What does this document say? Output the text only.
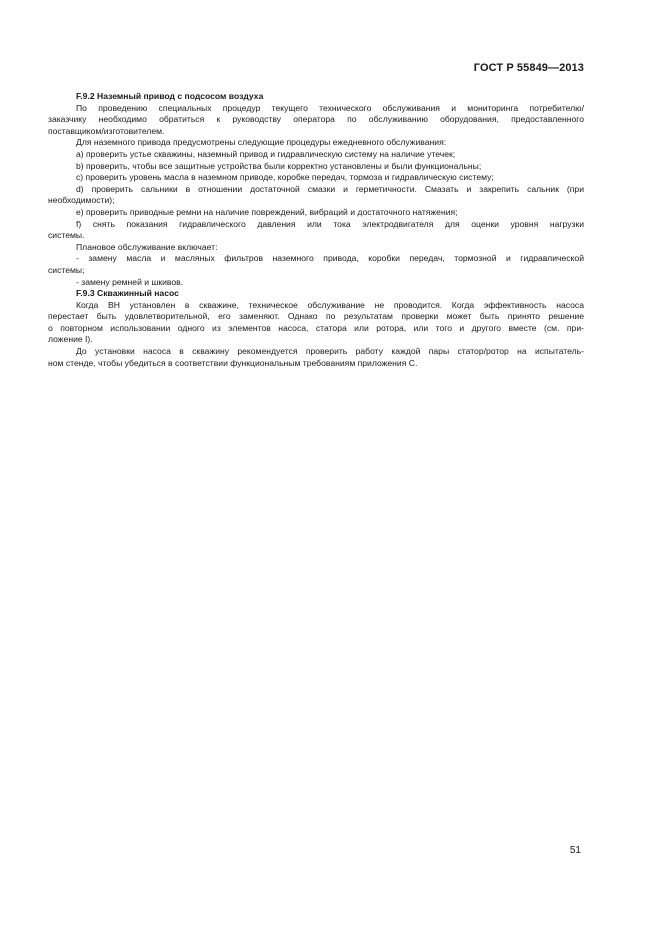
ГОСТ Р 55849—2013
F.9.2 Наземный привод с подсосом воздуха
По проведению специальных процедур текущего технического обслуживания и мониторинга потребителю/
заказчику необходимо обратиться к руководству оператора по обслуживанию оборудования, предоставленного
поставщиком/изготовителем.
Для наземного привода предусмотрены следующие процедуры ежедневного обслуживания:
а) проверить устье скважины, наземный привод и гидравлическую систему на наличие утечек;
b) проверить, чтобы все защитные устройства были корректно установлены и были функциональны;
c) проверить уровень масла в наземном приводе, коробке передач, тормоза и гидравлическую систему;
d) проверить сальники в отношении достаточной смазки и герметичности. Смазать и закрепить сальник (при
необходимости);
e) проверить приводные ремни на наличие повреждений, вибраций и достаточного натяжения;
f) снять показания гидравлического давления или тока электродвигателя для оценки уровня нагрузки
системы.
Плановое обслуживание включает:
- замену масла и масляных фильтров наземного привода, коробки передач, тормозной и гидравлической
системы;
- замену ремней и шкивов.
F.9.3 Скважинный насос
Когда ВН установлен в скважине, техническое обслуживание не проводится. Когда эффективность насоса
перестает быть удовлетворительной, его заменяют. Однако по результатам проверки может быть принято решение
о повторном использовании одного из элементов насоса, статора или ротора, или того и другого вместе (см. при-
ложение I).
До установки насоса в скважину рекомендуется проверить работу каждой пары статор/ротор на испытатель-
ном стенде, чтобы убедиться в соответствии функциональным требованиям приложения C.
51
